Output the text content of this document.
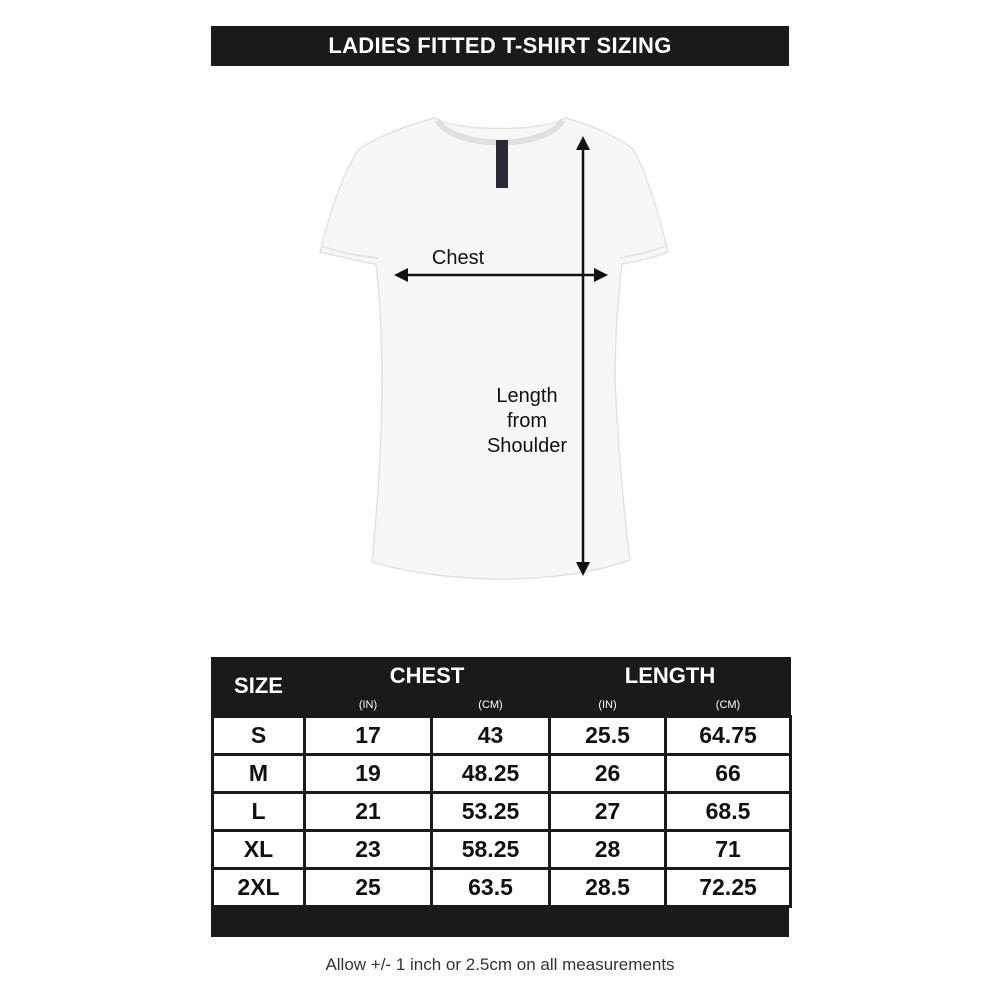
LADIES FITTED T-SHIRT SIZING
Chest
Length
from
Shoulder
SIZE	CHEST		LENGTH	
	(IN)	(CM)	(IN)	(CM)
S	17	43	25.5	64.75
M	19	48.25	26	66
L	21	53.25	27	68.5
XL	23	58.25	28	71
2XL	25	63.5	28.5	72.25
Allow +/- 1 inch or 2.5cm on all measurements
